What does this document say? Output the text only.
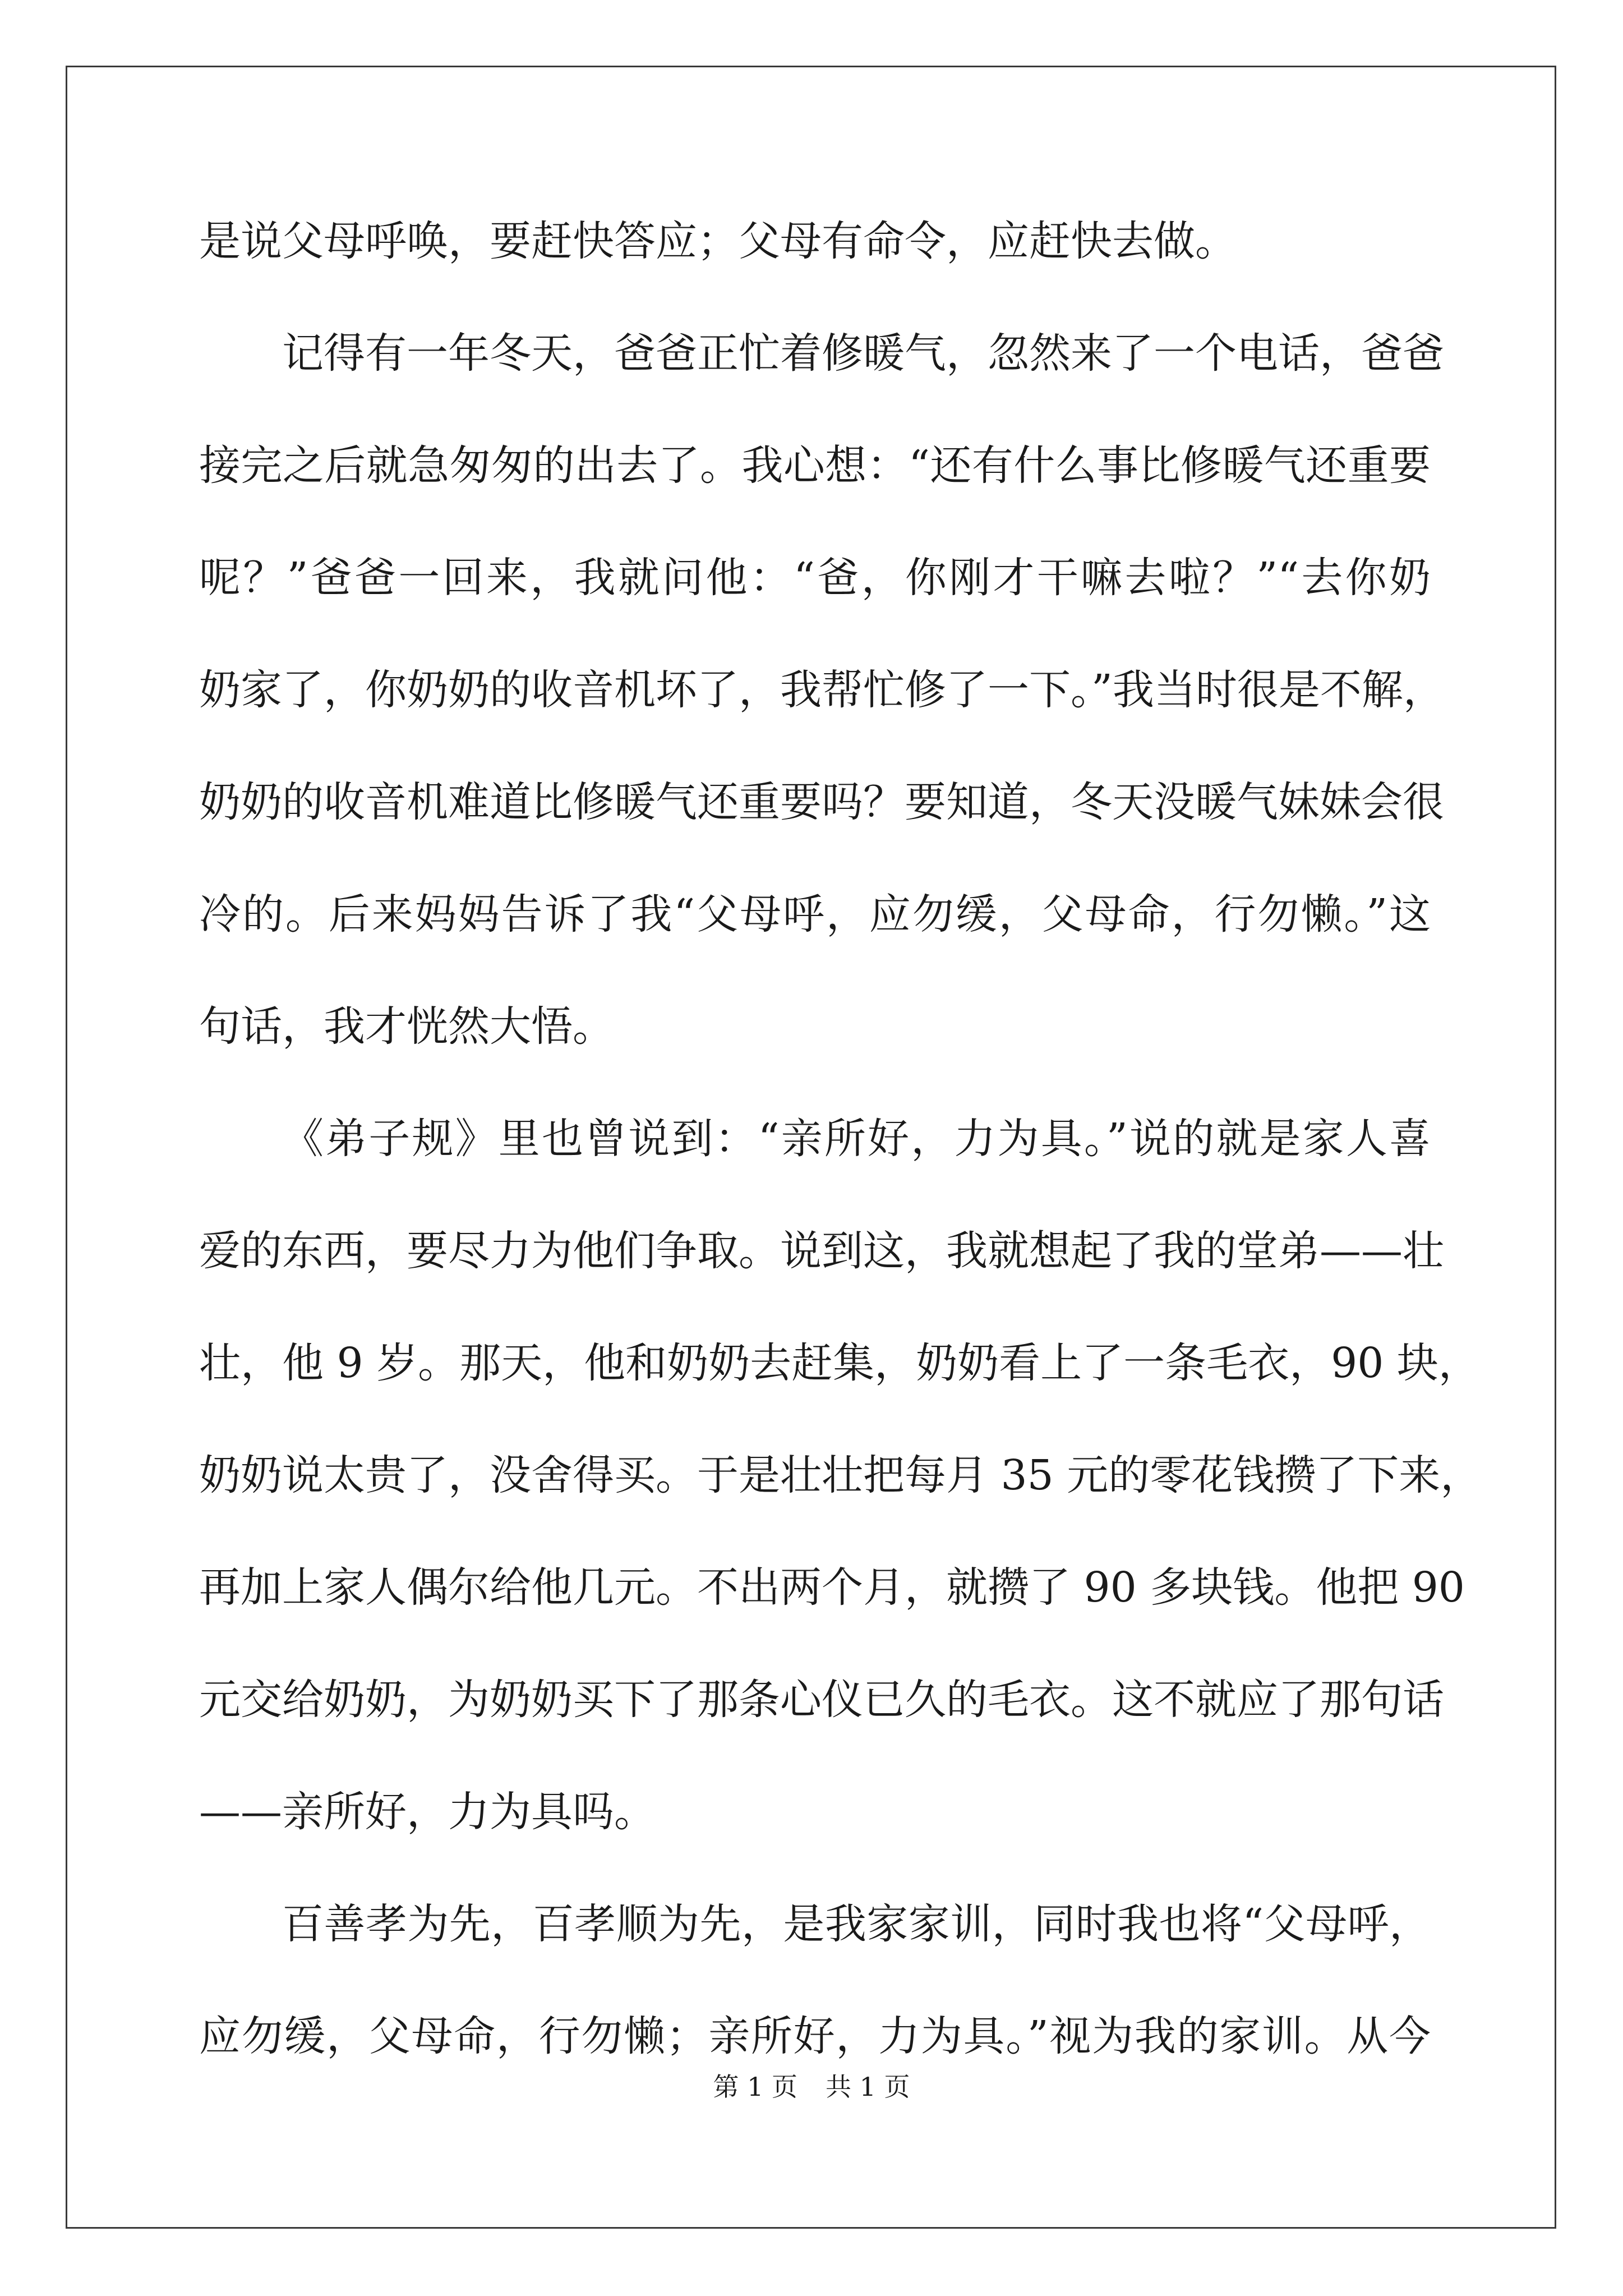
是说父母呼唤，要赶快答应；父母有命令，应赶快去做。
记得有一年冬天，爸爸正忙着修暖气，忽然来了一个电话，爸爸
接完之后就急匆匆的出去了。我心想：“还有什么事比修暖气还重要
呢？”爸爸一回来，我就问他：“爸，你刚才干嘛去啦？”“去你奶
奶家了，你奶奶的收音机坏了，我帮忙修了一下。”我当时很是不解，
奶奶的收音机难道比修暖气还重要吗？要知道，冬天没暖气妹妹会很
冷的。后来妈妈告诉了我“父母呼，应勿缓，父母命，行勿懒。”这
句话，我才恍然大悟。
《弟子规》里也曾说到：“亲所好，力为具。”说的就是家人喜
爱的东西，要尽力为他们争取。说到这，我就想起了我的堂弟——壮
壮，他 9 岁。那天，他和奶奶去赶集，奶奶看上了一条毛衣，90 块，
奶奶说太贵了，没舍得买。于是壮壮把每月 35 元的零花钱攒了下来，
再加上家人偶尔给他几元。不出两个月，就攒了 90 多块钱。他把 90
元交给奶奶，为奶奶买下了那条心仪已久的毛衣。这不就应了那句话
——亲所好，力为具吗。
百善孝为先，百孝顺为先，是我家家训，同时我也将“父母呼，
应勿缓，父母命，行勿懒；亲所好，力为具。”视为我的家训。从今
第 1 页 共 1 页
